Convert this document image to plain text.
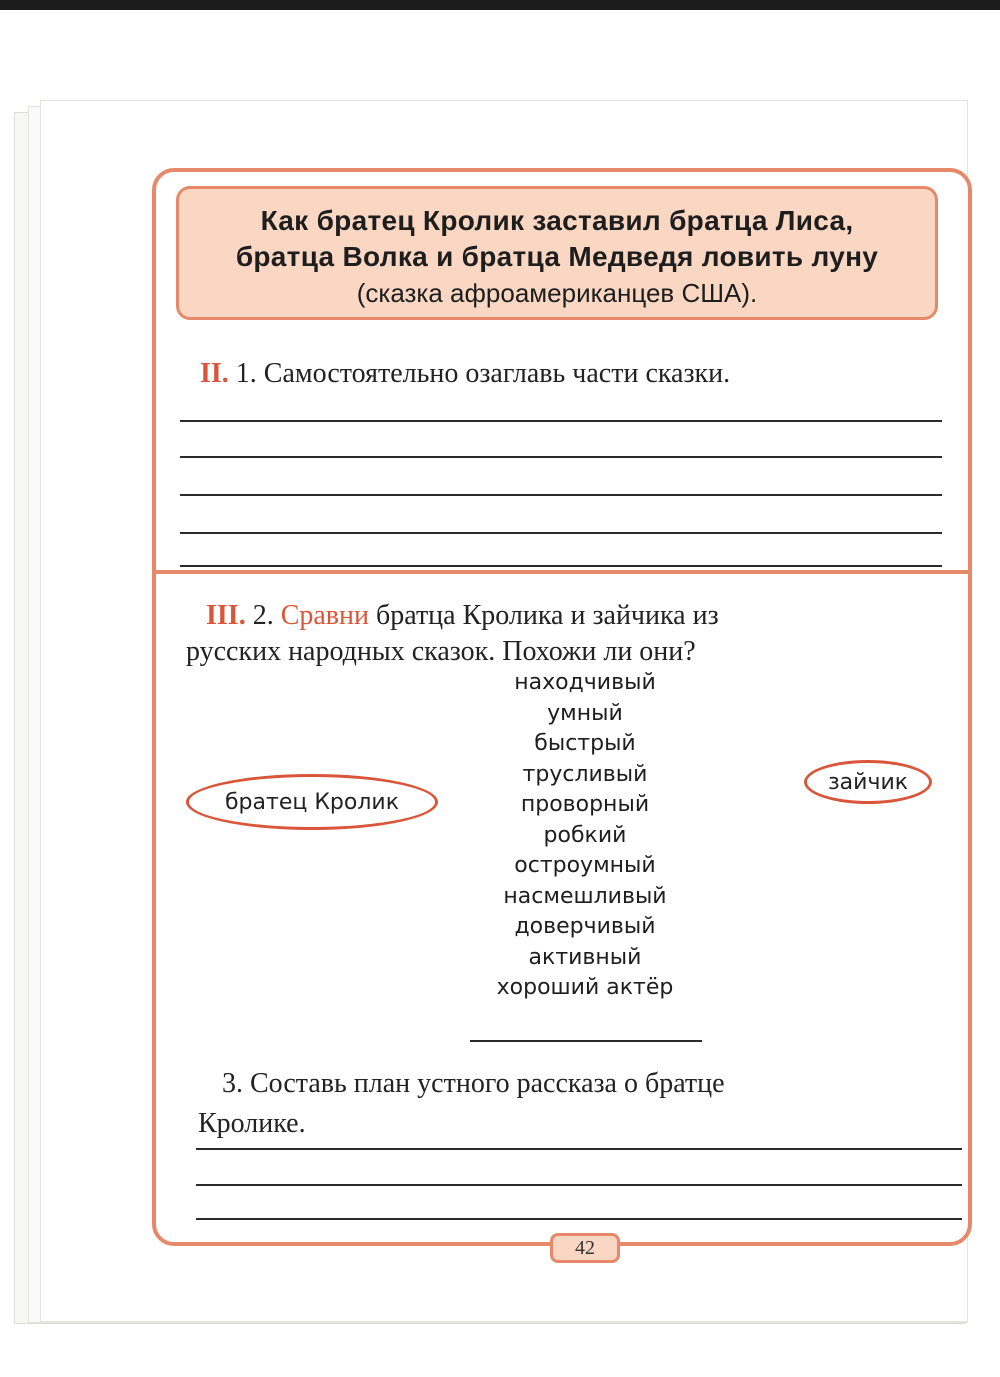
Как братец Кролик заставил братца Лиса,
братца Волка и братца Медведя ловить луну
(сказка афроамериканцев США).
II. 1. Самостоятельно озаглавь части сказки.
III. 2. Сравни братца Кролика и зайчика из
русских народных сказок. Похожи ли они?
братец Кролик
зайчик
находчивый
умный
быстрый
трусливый
проворный
робкий
остроумный
насмешливый
доверчивый
активный
хороший актёр
3. Составь план устного рассказа о братце
Кролике.
42
